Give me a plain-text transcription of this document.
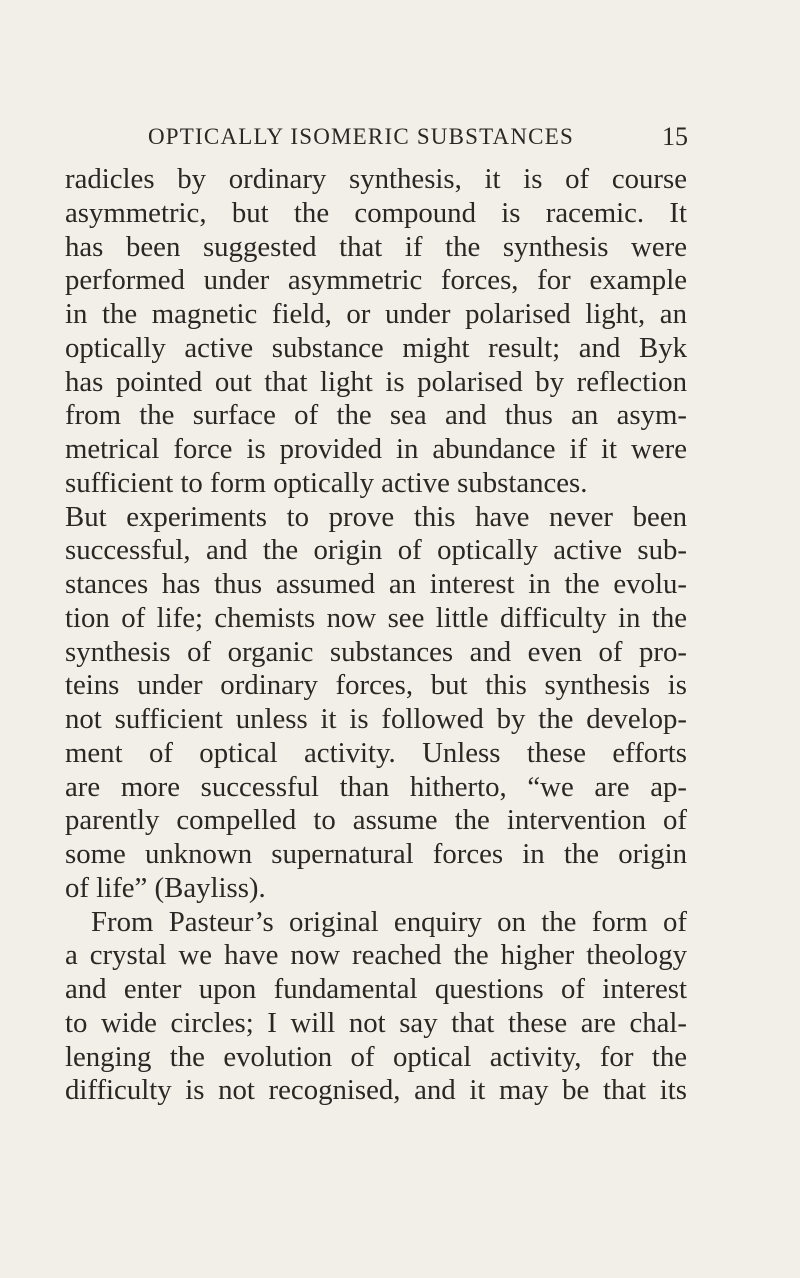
OPTICALLY ISOMERIC SUBSTANCES	15
radicles by ordinary synthesis, it is of course
asymmetric, but the compound is racemic. It
has been suggested that if the synthesis were
performed under asymmetric forces, for example
in the magnetic field, or under polarised light, an
optically active substance might result; and Byk
has pointed out that light is polarised by reflection
from the surface of the sea and thus an asym-
metrical force is provided in abundance if it were
sufficient to form optically active substances.
But experiments to prove this have never been
successful, and the origin of optically active sub-
stances has thus assumed an interest in the evolu-
tion of life; chemists now see little difficulty in the
synthesis of organic substances and even of pro-
teins under ordinary forces, but this synthesis is
not sufficient unless it is followed by the develop-
ment of optical activity. Unless these efforts
are more successful than hitherto, “we are ap-
parently compelled to assume the intervention of
some unknown supernatural forces in the origin
of life” (Bayliss).
From Pasteur’s original enquiry on the form of
a crystal we have now reached the higher theology
and enter upon fundamental questions of interest
to wide circles; I will not say that these are chal-
lenging the evolution of optical activity, for the
difficulty is not recognised, and it may be that its
